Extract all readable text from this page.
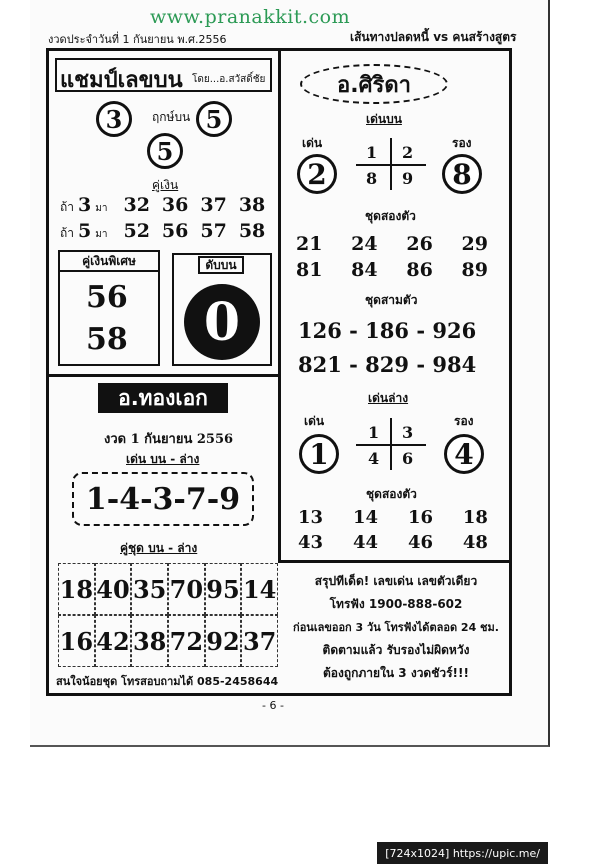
www.pranakkit.com
งวดประจำวันที่ 1 กันยายน พ.ศ.2556	เส้นทางปลดหนี้ vs คนสร้างสูตร
แชมป์เลขบน โดย...อ.สวัสดิ์ชัย
3	ฤกษ์บน 5
5
คู่เงิน
ถ้า 3 มา 32 36 37 38
ถ้า 5 มา 52 56 57 58
คู่เงินพิเศษ
56
58
ดับบน
0
อ.ทองเอก
งวด 1 กันยายน 2556
เด่น บน - ล่าง
1-4-3-7-9
คู่ชุด บน - ล่าง
18 40 35 70 95 14
16 42 38 72 92 37
สนใจน้อยชุด โทรสอบถามได้ 085-2458644
อ.ศิริดา
เด่นบน
เด่น	รอง
2	8
1 2
8 9
ชุดสองตัว
21 24 26 29
81 84 86 89
ชุดสามตัว
126 - 186 - 926
821 - 829 - 984
เด่นล่าง
เด่น	รอง
1	4
1 3
4 6
ชุดสองตัว
13 14 16 18
43 44 46 48
สรุปทีเด็ด! เลขเด่น เลขตัวเดียว
โทรฟัง 1900-888-602
ก่อนเลขออก 3 วัน โทรฟังได้ตลอด 24 ชม.
ติดตามแล้ว รับรองไม่ผิดหวัง
ต้องถูกภายใน 3 งวดชัวร์!!!
- 6 -
[724x1024] https://upic.me/
